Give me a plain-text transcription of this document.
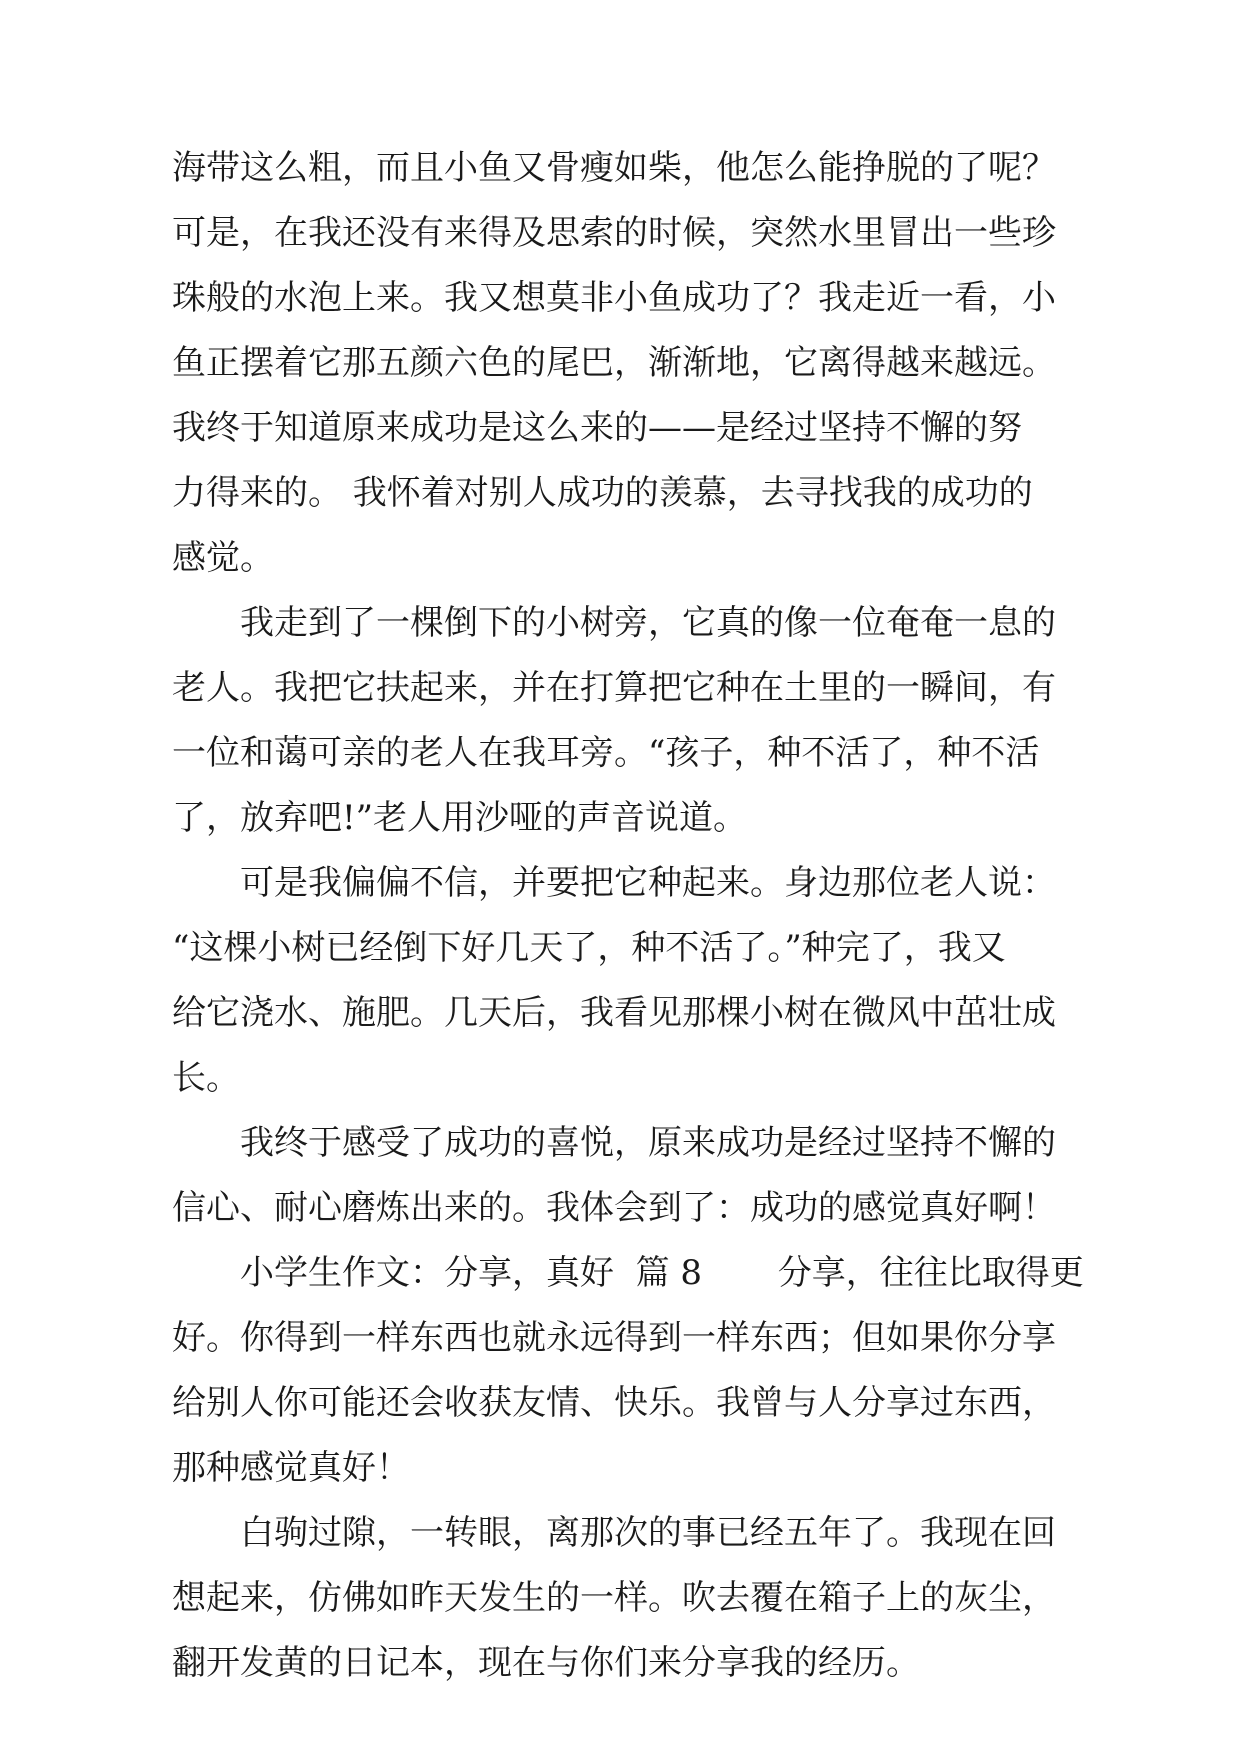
海带这么粗，而且小鱼又骨瘦如柴，他怎么能挣脱的了呢？
可是，在我还没有来得及思索的时候，突然水里冒出一些珍
珠般的水泡上来。我又想莫非小鱼成功了？我走近一看，小
鱼正摆着它那五颜六色的尾巴，渐渐地，它离得越来越远。
我终于知道原来成功是这么来的——是经过坚持不懈的努
力得来的。 我怀着对别人成功的羡慕，去寻找我的成功的
感觉。
我走到了一棵倒下的小树旁，它真的像一位奄奄一息的
老人。我把它扶起来，并在打算把它种在土里的一瞬间，有
一位和蔼可亲的老人在我耳旁。“孩子，种不活了，种不活
了，放弃吧!”老人用沙哑的声音说道。
可是我偏偏不信，并要把它种起来。身边那位老人说：
“这棵小树已经倒下好几天了，种不活了。”种完了，我又
给它浇水、施肥。几天后，我看见那棵小树在微风中茁壮成
长。
我终于感受了成功的喜悦，原来成功是经过坚持不懈的
信心、耐心磨炼出来的。我体会到了：成功的感觉真好啊！
小学生作文：分享，真好  篇 8       分享，往往比取得更
好。你得到一样东西也就永远得到一样东西；但如果你分享
给别人你可能还会收获友情、快乐。我曾与人分享过东西，
那种感觉真好！
白驹过隙，一转眼，离那次的事已经五年了。我现在回
想起来，仿佛如昨天发生的一样。吹去覆在箱子上的灰尘，
翻开发黄的日记本，现在与你们来分享我的经历。
